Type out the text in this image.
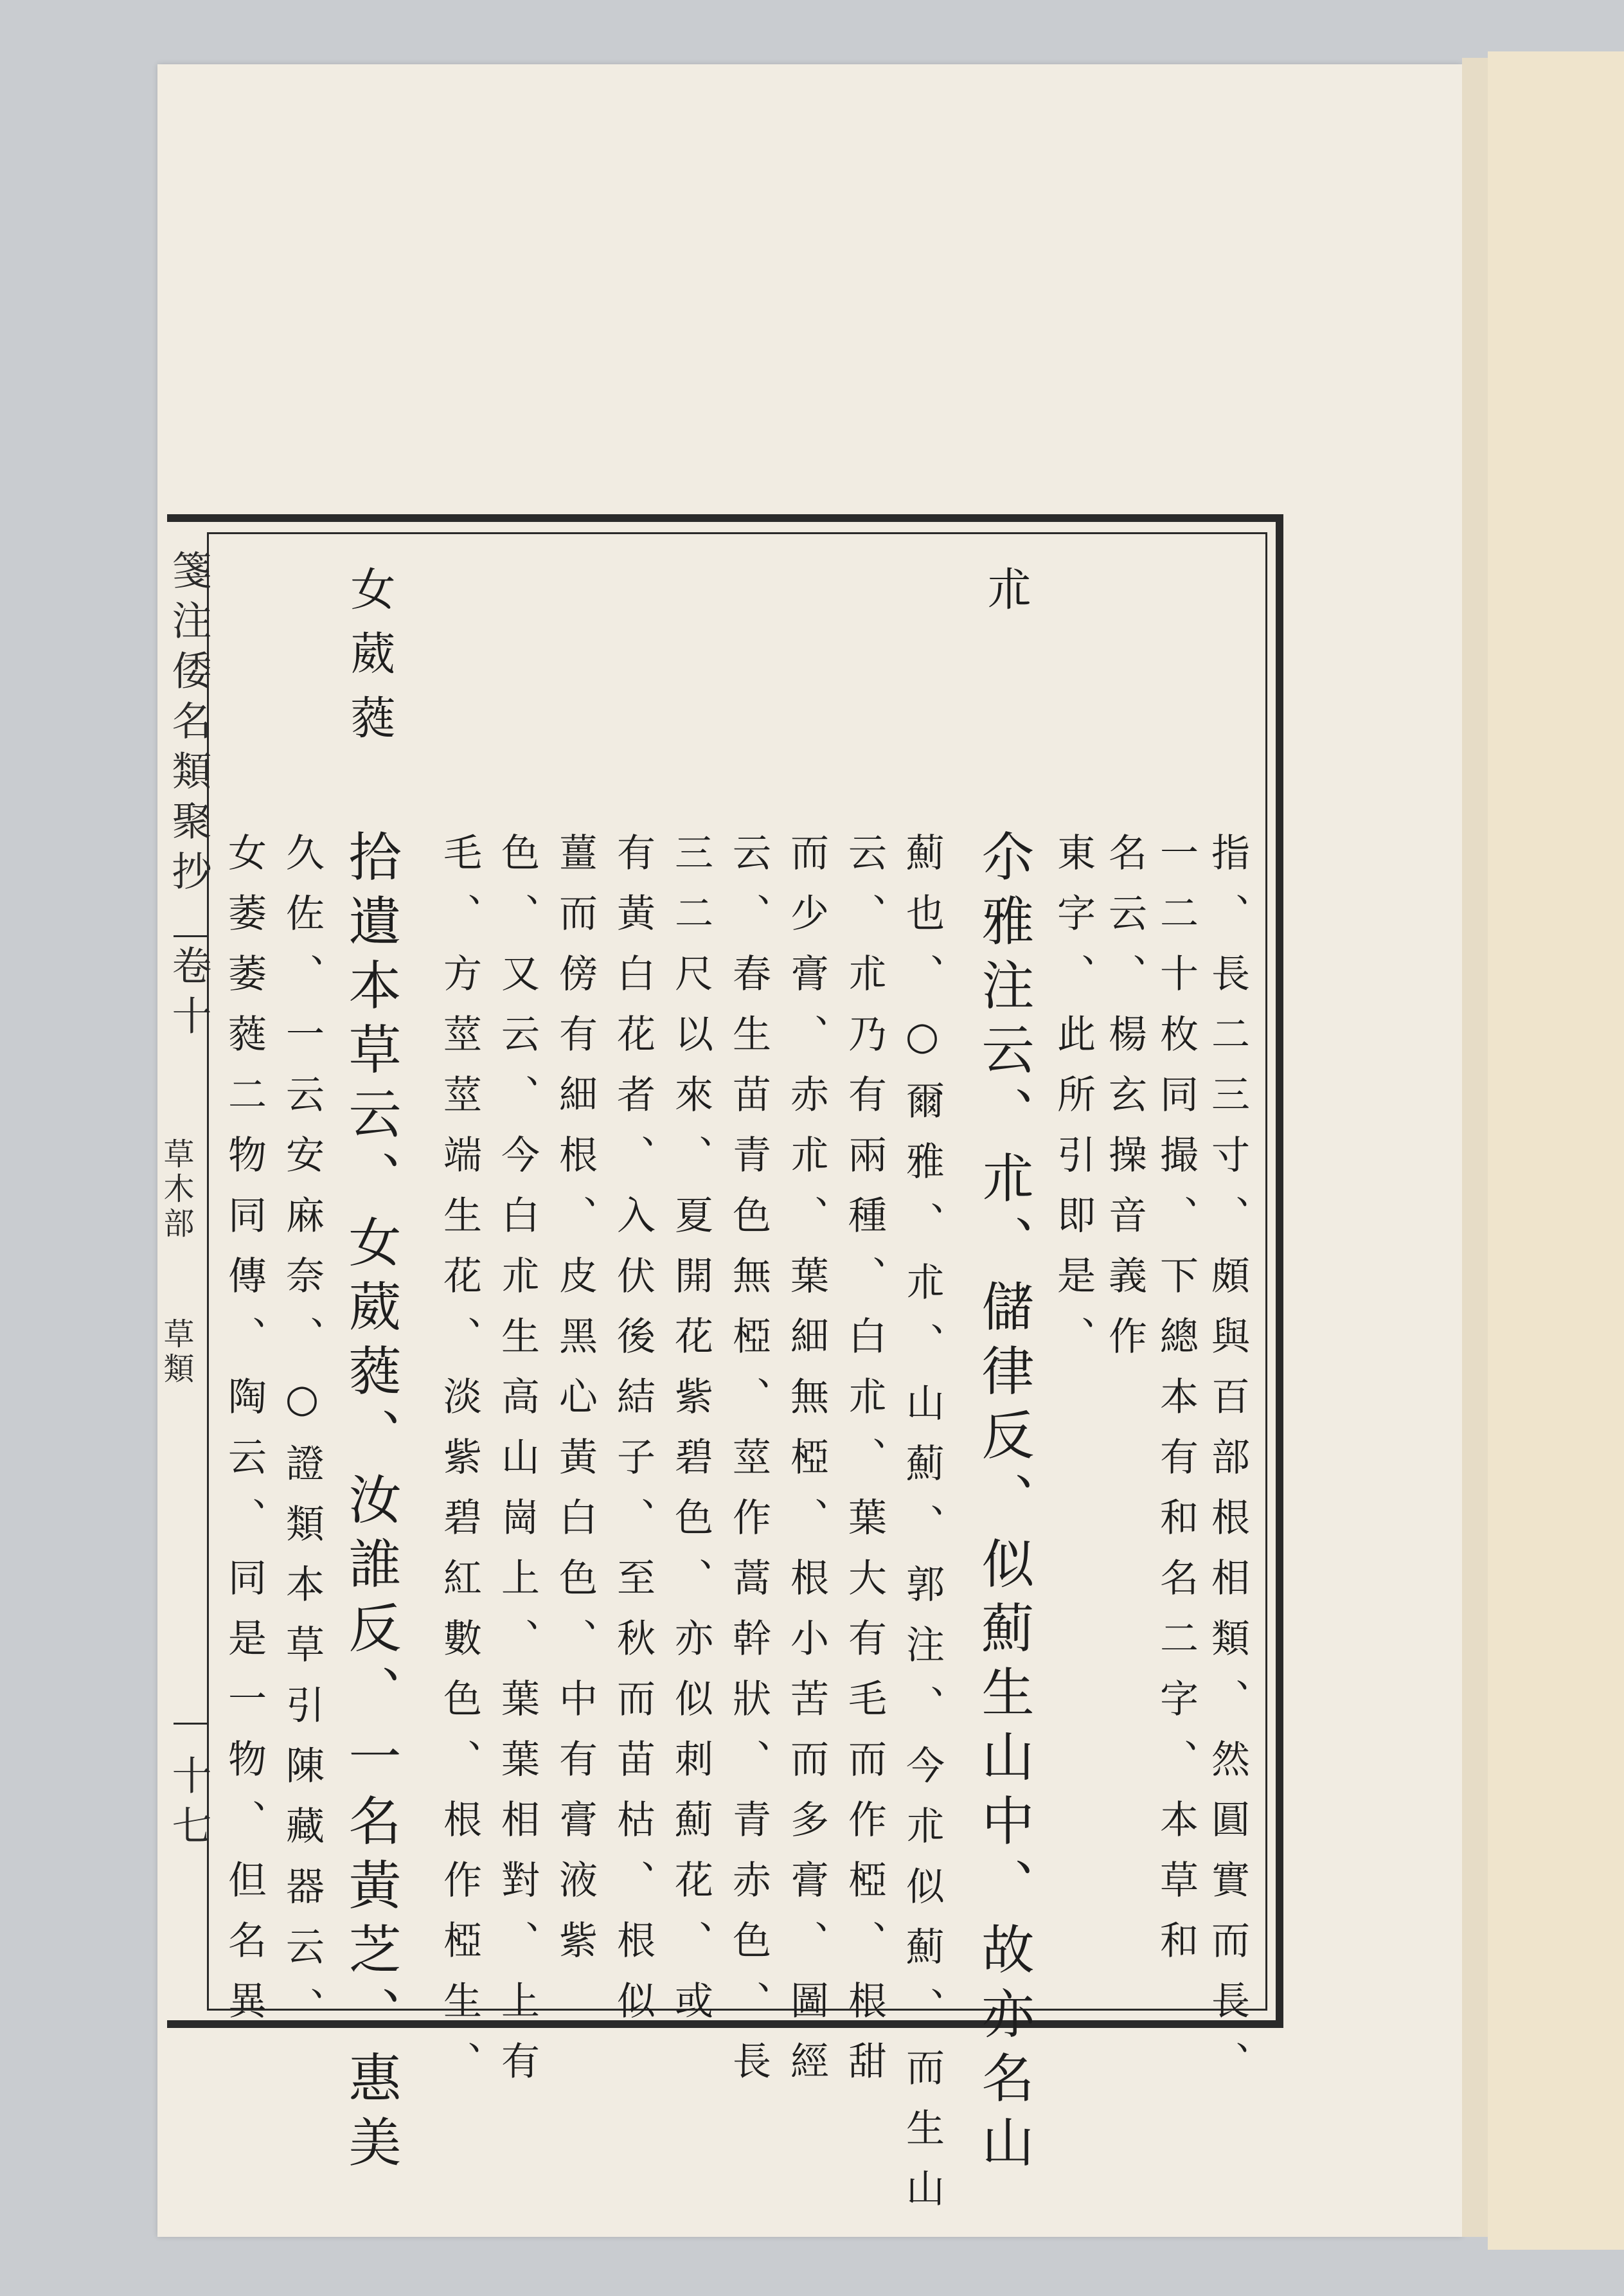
箋注倭名類聚抄
卷十
草木部
草類
十七	指、長二三寸、頗與百部根相類、然圓實而長、
一二十枚同撮、下總本有和名二字、本草和
名云、楊玄操音義作
東字、此所引即是、
朮
尒雅注云、朮、儲律反、似薊生山中、故亦名山
薊也、○爾雅、朮、山薊、郭注、今朮似薊、而生山
云、朮乃有兩種、白朮、葉大有毛而作椏、根甜
而少膏、赤朮、葉細無椏、根小苦而多膏、圖經
云、春生苗青色無椏、莖作蒿幹狀、青赤色、長
三二尺以來、夏開花紫碧色、亦似刺薊花、或
有黃白花者、入伏後結子、至秋而苗枯、根似
薑而傍有細根、皮黑心黃白色、中有膏液紫
色、又云、今白朮生高山崗上、葉葉相對、上有
毛、方莖莖端生花、淡紫碧紅數色、根作椏生、
女葳蕤
拾遺本草云、女葳蕤、汝誰反、一名黃芝、惠美
久佐、一云安麻奈、○證類本草引陳藏器云、
女萎萎蕤二物同傳、陶云、同是一物、但名異
